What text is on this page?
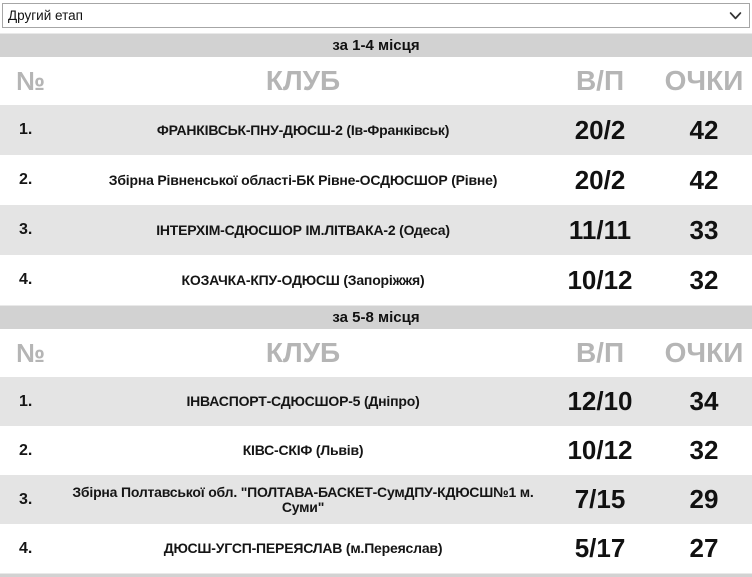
Другий етап
за 1-4 місця
№	КЛУБ	В/П	ОЧКИ
1.	ФРАНКІВСЬК-ПНУ-ДЮСШ-2 (Ів-Франківськ)	20/2	42
2.	Збірна Рівненської області-БК Рівне-ОСДЮСШОР (Рівне)	20/2	42
3.	ІНТЕРХІМ-СДЮСШОР ІМ.ЛІТВАКА-2 (Одеса)	11/11	33
4.	КОЗАЧКА-КПУ-ОДЮСШ (Запоріжжя)	10/12	32
за 5-8 місця
№	КЛУБ	В/П	ОЧКИ
1.	ІНВАСПОРТ-СДЮСШОР-5 (Дніпро)	12/10	34
2.	КІВС-СКІФ (Львів)	10/12	32
3.	Збірна Полтавської обл. "ПОЛТАВА-БАСКЕТ-СумДПУ-КДЮСШ№1 м. Суми"	7/15	29
4.	ДЮСШ-УГСП-ПЕРЕЯСЛАВ (м.Переяслав)	5/17	27
